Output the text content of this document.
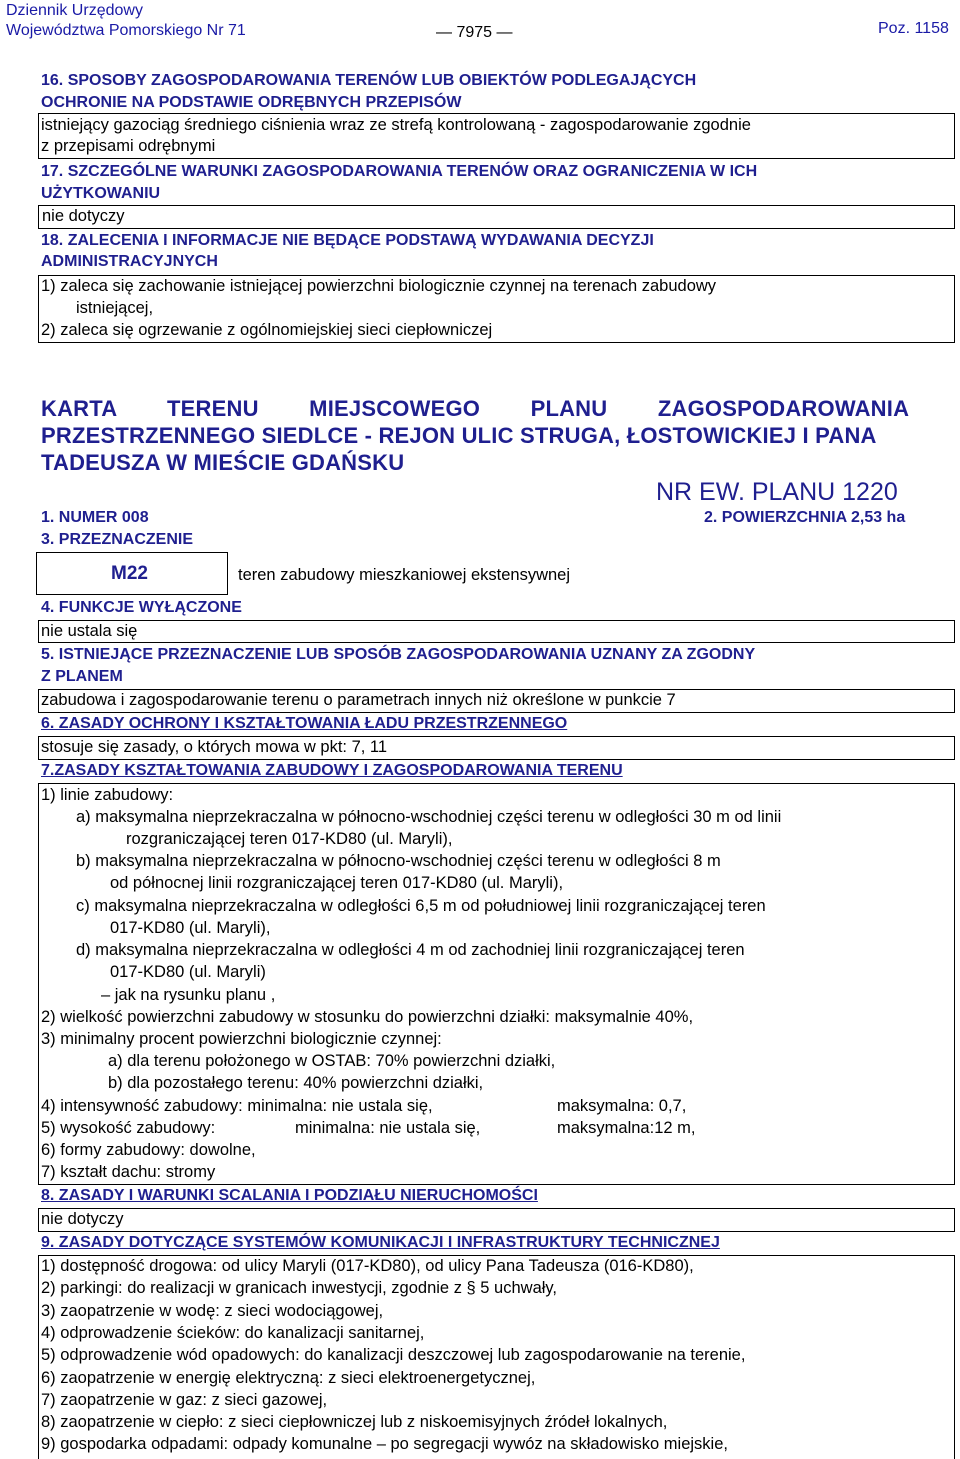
Dziennik Urzędowy
Województwa Pomorskiego Nr 71	— 7975 —	Poz. 1158
16. SPOSOBY ZAGOSPODAROWANIA TERENÓW LUB OBIEKTÓW PODLEGAJĄCYCH
OCHRONIE NA PODSTAWIE ODRĘBNYCH PRZEPISÓW
istniejący gazociąg średniego ciśnienia wraz ze strefą kontrolowaną - zagospodarowanie zgodnie
z przepisami odrębnymi
17. SZCZEGÓLNE WARUNKI ZAGOSPODAROWANIA TERENÓW ORAZ OGRANICZENIA W ICH
UŻYTKOWANIU
nie dotyczy
18. ZALECENIA I INFORMACJE NIE BĘDĄCE PODSTAWĄ WYDAWANIA DECYZJI
ADMINISTRACYJNYCH
1) zaleca się zachowanie istniejącej powierzchni biologicznie czynnej na terenach zabudowy
istniejącej,
2) zaleca się ogrzewanie z ogólnomiejskiej sieci ciepłowniczej
KARTA        TERENU        MIEJSCOWEGO        PLANU        ZAGOSPODAROWANIA
PRZESTRZENNEGO SIEDLCE - REJON ULIC STRUGA, ŁOSTOWICKIEJ I PANA
TADEUSZA W MIEŚCIE GDAŃSKU
NR EW. PLANU 1220
1. NUMER 008	2. POWIERZCHNIA 2,53 ha
3. PRZEZNACZENIE
M22	teren zabudowy mieszkaniowej ekstensywnej
4. FUNKCJE WYŁĄCZONE
nie ustala się
5. ISTNIEJĄCE PRZEZNACZENIE LUB SPOSÓB ZAGOSPODAROWANIA UZNANY ZA ZGODNY
Z PLANEM
zabudowa i zagospodarowanie terenu o parametrach innych niż określone w punkcie 7
6. ZASADY OCHRONY I KSZTAŁTOWANIA ŁADU PRZESTRZENNEGO
stosuje się zasady, o których mowa w pkt: 7, 11
7.ZASADY KSZTAŁTOWANIA ZABUDOWY I ZAGOSPODAROWANIA TERENU
1) linie zabudowy:
a) maksymalna nieprzekraczalna w północno-wschodniej części terenu w odległości 30 m od linii
rozgraniczającej teren 017-KD80 (ul. Maryli),
b) maksymalna nieprzekraczalna w północno-wschodniej części terenu w odległości 8 m
od północnej linii rozgraniczającej teren 017-KD80 (ul. Maryli),
c) maksymalna nieprzekraczalna w odległości 6,5 m od południowej linii rozgraniczającej teren
017-KD80 (ul. Maryli),
d) maksymalna nieprzekraczalna w odległości 4 m od zachodniej linii rozgraniczającej teren
017-KD80 (ul. Maryli)
– jak na rysunku planu ,
2) wielkość powierzchni zabudowy w stosunku do powierzchni działki: maksymalnie 40%,
3) minimalny procent powierzchni biologicznie czynnej:
a) dla terenu położonego w OSTAB: 70% powierzchni działki,
b) dla pozostałego terenu: 40% powierzchni działki,
4) intensywność zabudowy: minimalna: nie ustala się,	maksymalna: 0,7,
5) wysokość zabudowy:	minimalna: nie ustala się,	maksymalna:12 m,
6) formy zabudowy: dowolne,
7) kształt dachu: stromy
8. ZASADY I WARUNKI SCALANIA I PODZIAŁU NIERUCHOMOŚCI
nie dotyczy
9. ZASADY DOTYCZĄCE SYSTEMÓW KOMUNIKACJI I INFRASTRUKTURY TECHNICZNEJ
1) dostępność drogowa: od ulicy Maryli (017-KD80), od ulicy Pana Tadeusza (016-KD80),
2) parkingi: do realizacji w granicach inwestycji, zgodnie z § 5 uchwały,
3) zaopatrzenie w wodę: z sieci wodociągowej,
4) odprowadzenie ścieków: do kanalizacji sanitarnej,
5) odprowadzenie wód opadowych: do kanalizacji deszczowej lub zagospodarowanie na terenie,
6) zaopatrzenie w energię elektryczną: z sieci elektroenergetycznej,
7) zaopatrzenie w gaz: z sieci gazowej,
8) zaopatrzenie w ciepło: z sieci ciepłowniczej lub z niskoemisyjnych źródeł lokalnych,
9) gospodarka odpadami: odpady komunalne – po segregacji wywóz na składowisko miejskie,
